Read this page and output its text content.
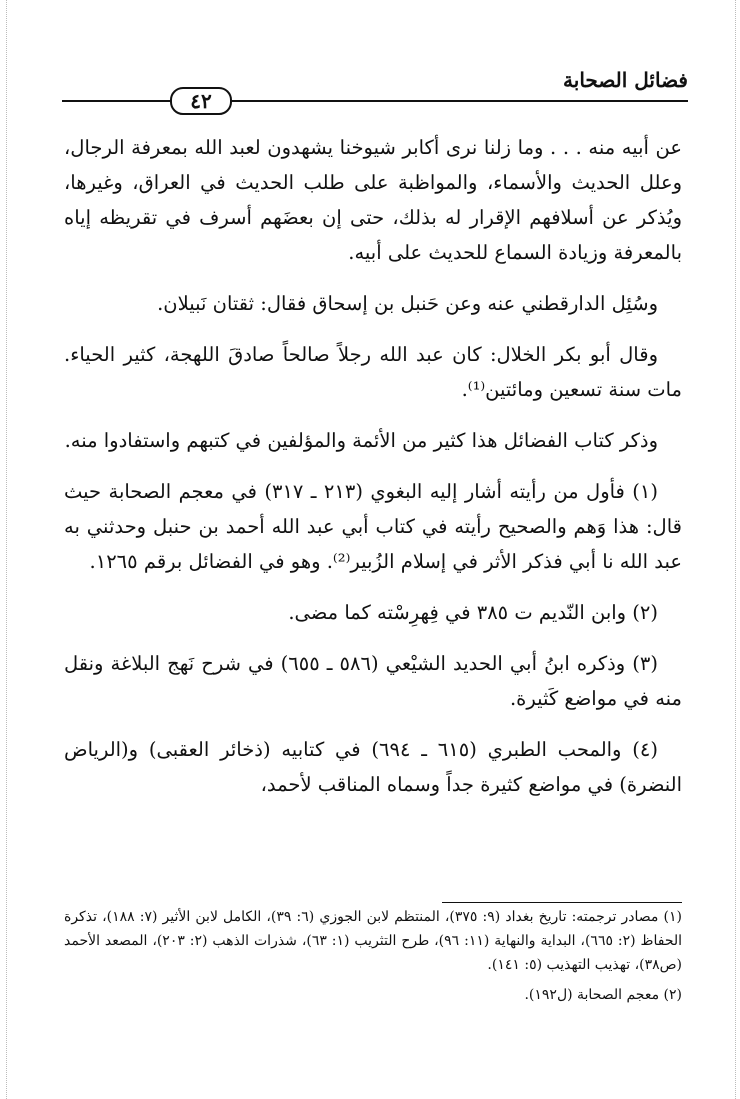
فضائل الصحابة
٤٢

عن أبيه منه . . . وما زلنا نرى أكابر شيوخنا يشهدون لعبد الله بمعرفة الرجال، وعلل الحديث والأسماء، والمواظبة على طلب الحديث في العراق، وغيرها، ويُذكر عن أسلافهم الإقرار له بذلك، حتى إن بعضَهم أسرف في تقريظه إياه بالمعرفة وزيادة السماع للحديث على أبيه.

وسُئِل الدارقطني عنه وعن حَنبل بن إسحاق فقال: ثقتان نَبيلان.

وقال أبو بكر الخلال: كان عبد الله رجلاً صالحاً صادقَ اللهجة، كثير الحياء. مات سنة تسعين ومائتين⁽¹⁾.

وذكر كتاب الفضائل هذا كثير من الأئمة والمؤلفين في كتبهم واستفادوا منه.

(١) فأول من رأيته أشار إليه البغوي (٢١٣ ـ ٣١٧) في معجم الصحابة حيث قال: هذا وَهم والصحيح رأيته في كتاب أبي عبد الله أحمد بن حنبل وحدثني به عبد الله نا أبي فذكر الأثر في إسلام الزُبير⁽²⁾. وهو في الفضائل برقم ١٢٦٥.

(٢) وابن النّديم ت ٣٨٥ في فِهرِسْته كما مضى.

(٣) وذكره ابنُ أبي الحديد الشيْعي (٥٨٦ ـ ٦٥٥) في شرح نَهج البلاغة ونقل منه في مواضع كَثيرة.

(٤) والمحب الطبري (٦١٥ ـ ٦٩٤) في كتابيه (ذخائر العقبى) و(الرياض النضرة) في مواضع كثيرة جداً وسماه المناقب لأحمد،

(١) مصادر ترجمته: تاريخ بغداد (٩: ٣٧٥)، المنتظم لابن الجوزي (٦: ٣٩)، الكامل لابن الأثير (٧: ١٨٨)، تذكرة الحفاظ (٢: ٦٦٥)، البداية والنهاية (١١: ٩٦)، طرح التثريب (١: ٦٣)، شذرات الذهب (٢: ٢٠٣)، المصعد الأحمد (ص٣٨)، تهذيب التهذيب (٥: ١٤١).

(٢) معجم الصحابة (ل١٩٢).
